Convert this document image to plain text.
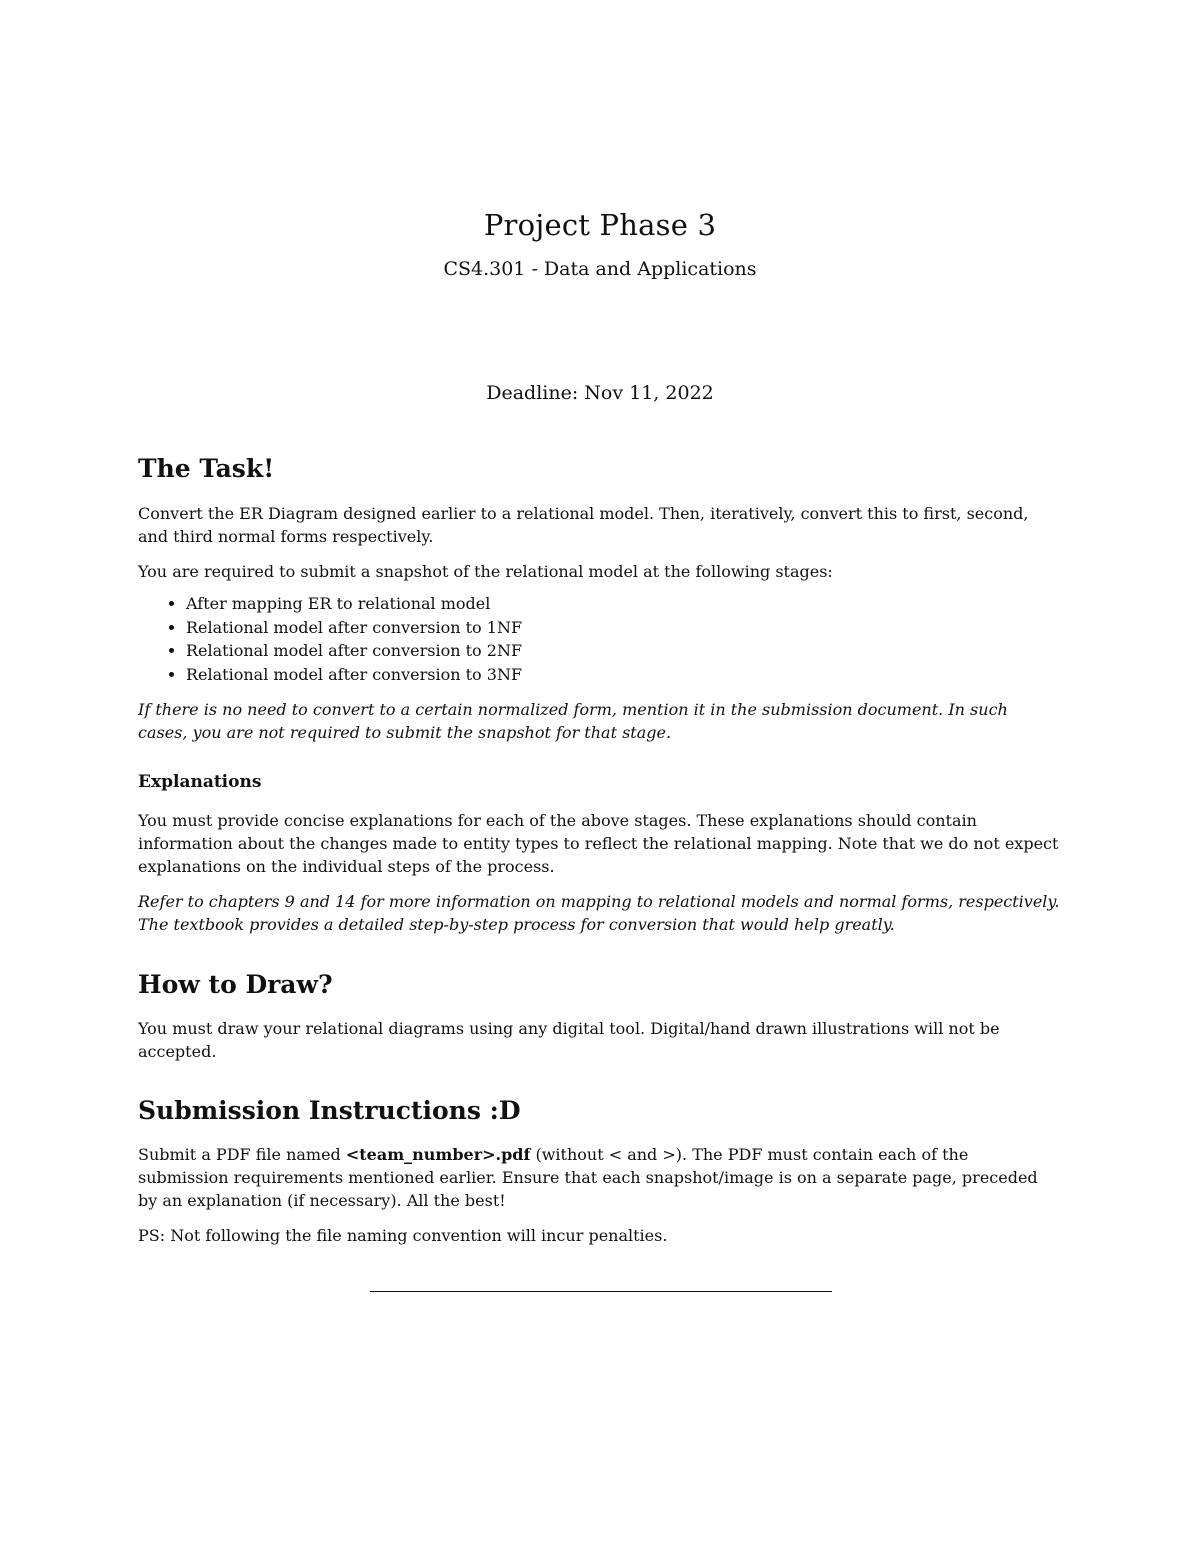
Project Phase 3
CS4.301 - Data and Applications
Deadline: Nov 11, 2022
The Task!

Convert the ER Diagram designed earlier to a relational model. Then, iteratively, convert this to first, second, and third normal forms respectively.

You are required to submit a snapshot of the relational model at the following stages:

• After mapping ER to relational model
• Relational model after conversion to 1NF
• Relational model after conversion to 2NF
• Relational model after conversion to 3NF

If there is no need to convert to a certain normalized form, mention it in the submission document. In such cases, you are not required to submit the snapshot for that stage.

Explanations

You must provide concise explanations for each of the above stages. These explanations should contain information about the changes made to entity types to reflect the relational mapping. Note that we do not expect explanations on the individual steps of the process.

Refer to chapters 9 and 14 for more information on mapping to relational models and normal forms, respectively. The textbook provides a detailed step-by-step process for conversion that would help greatly.

How to Draw?

You must draw your relational diagrams using any digital tool. Digital/hand drawn illustrations will not be accepted.

Submission Instructions :D

Submit a PDF file named <team_number>.pdf (without < and >). The PDF must contain each of the submission requirements mentioned earlier. Ensure that each snapshot/image is on a separate page, preceded by an explanation (if necessary). All the best!

PS: Not following the file naming convention will incur penalties.
